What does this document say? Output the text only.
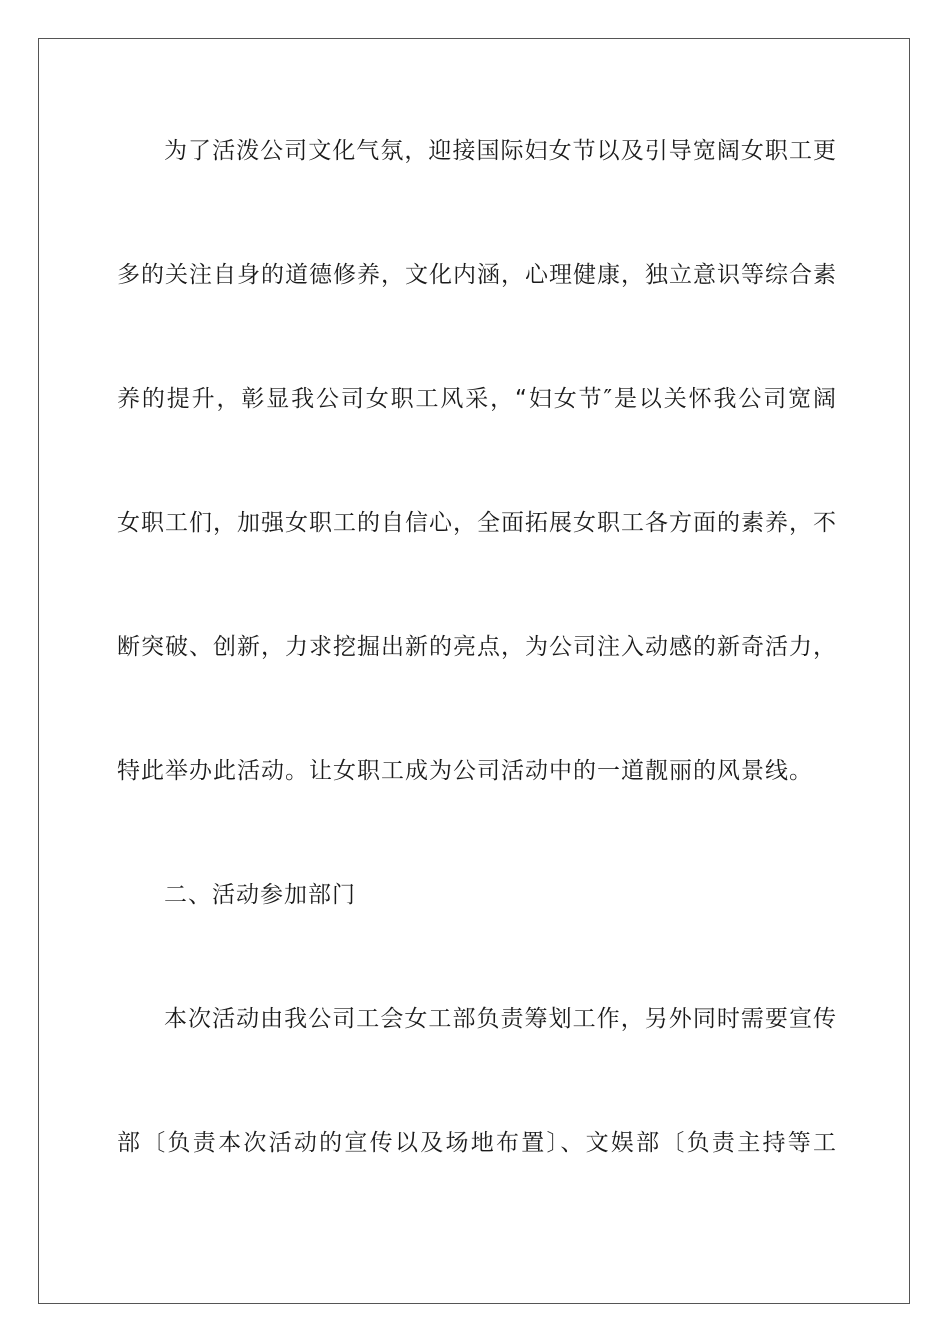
为了活泼公司文化气氛，迎接国际妇女节以及引导宽阔女职工更
多的关注自身的道德修养，文化内涵，心理健康，独立意识等综合素
养的提升，彰显我公司女职工风采，“妇女节″是以关怀我公司宽阔
女职工们，加强女职工的自信心，全面拓展女职工各方面的素养，不
断突破、创新，力求挖掘出新的亮点，为公司注入动感的新奇活力，
特此举办此活动。让女职工成为公司活动中的一道靓丽的风景线。
二、活动参加部门
本次活动由我公司工会女工部负责筹划工作，另外同时需要宣传
部〔负责本次活动的宣传以及场地布置〕、文娱部〔负责主持等工
